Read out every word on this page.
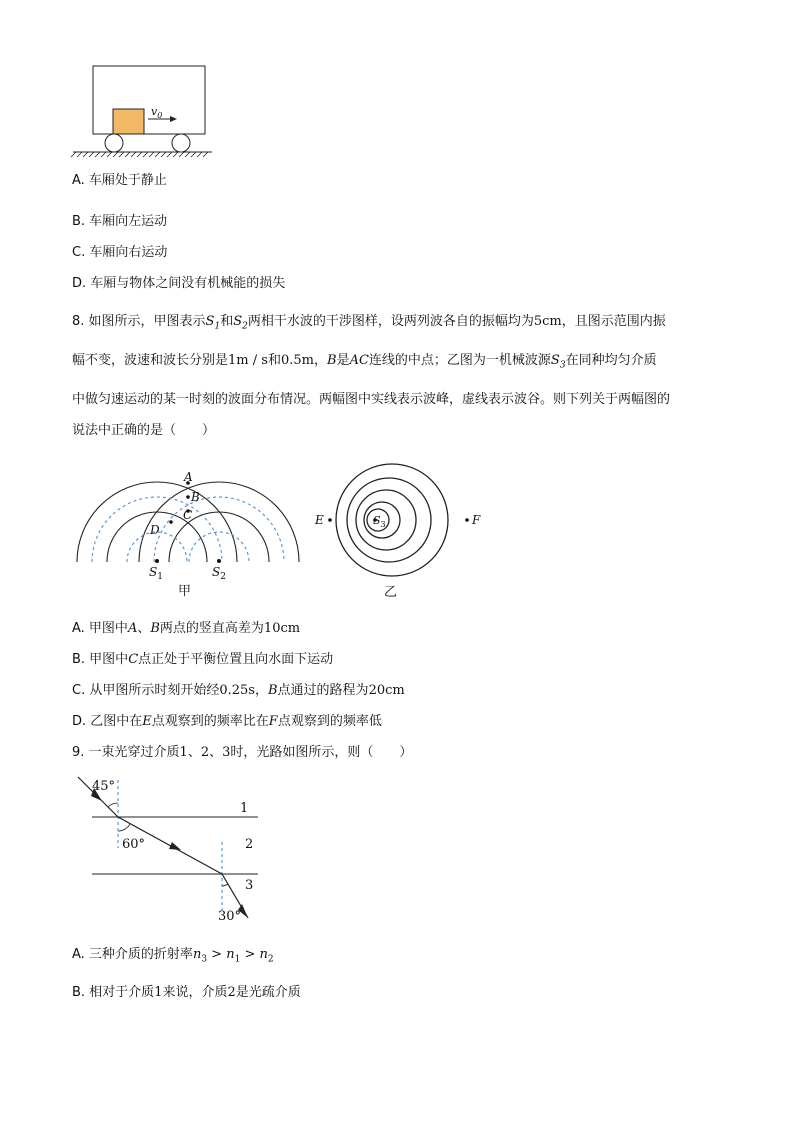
$v_0$
A. 车厢处于静止
B. 车厢向左运动
C. 车厢向右运动
D. 车厢与物体之间没有机械能的损失
8. 如图所示，甲图表示$S_1$和$S_2$两相干水波的干涉图样，设两列波各自的振幅均为5cm，且图示范围内振
幅不变，波速和波长分别是1m / s和0.5m，B是AC连线的中点；乙图为一机械波源$S_3$在同种均匀介质
中做匀速运动的某一时刻的波面分布情况。两幅图中实线表示波峰，虚线表示波谷。则下列关于两幅图的
说法中正确的是（　　）
A
B
C
D
$S_1$	$S_2$
甲
$S_3$
E	F
乙
A. 甲图中A、B两点的竖直高差为10cm
B. 甲图中C点正处于平衡位置且向水面下运动
C. 从甲图所示时刻开始经0.25s，B点通过的路程为20cm
D. 乙图中在E点观察到的频率比在F点观察到的频率低
9. 一束光穿过介质1、2、3时，光路如图所示，则（　　）
45°
60°
30°
1
2
3
A. 三种介质的折射率$n_3 > n_1 > n_2$
B. 相对于介质1来说，介质2是光疏介质
